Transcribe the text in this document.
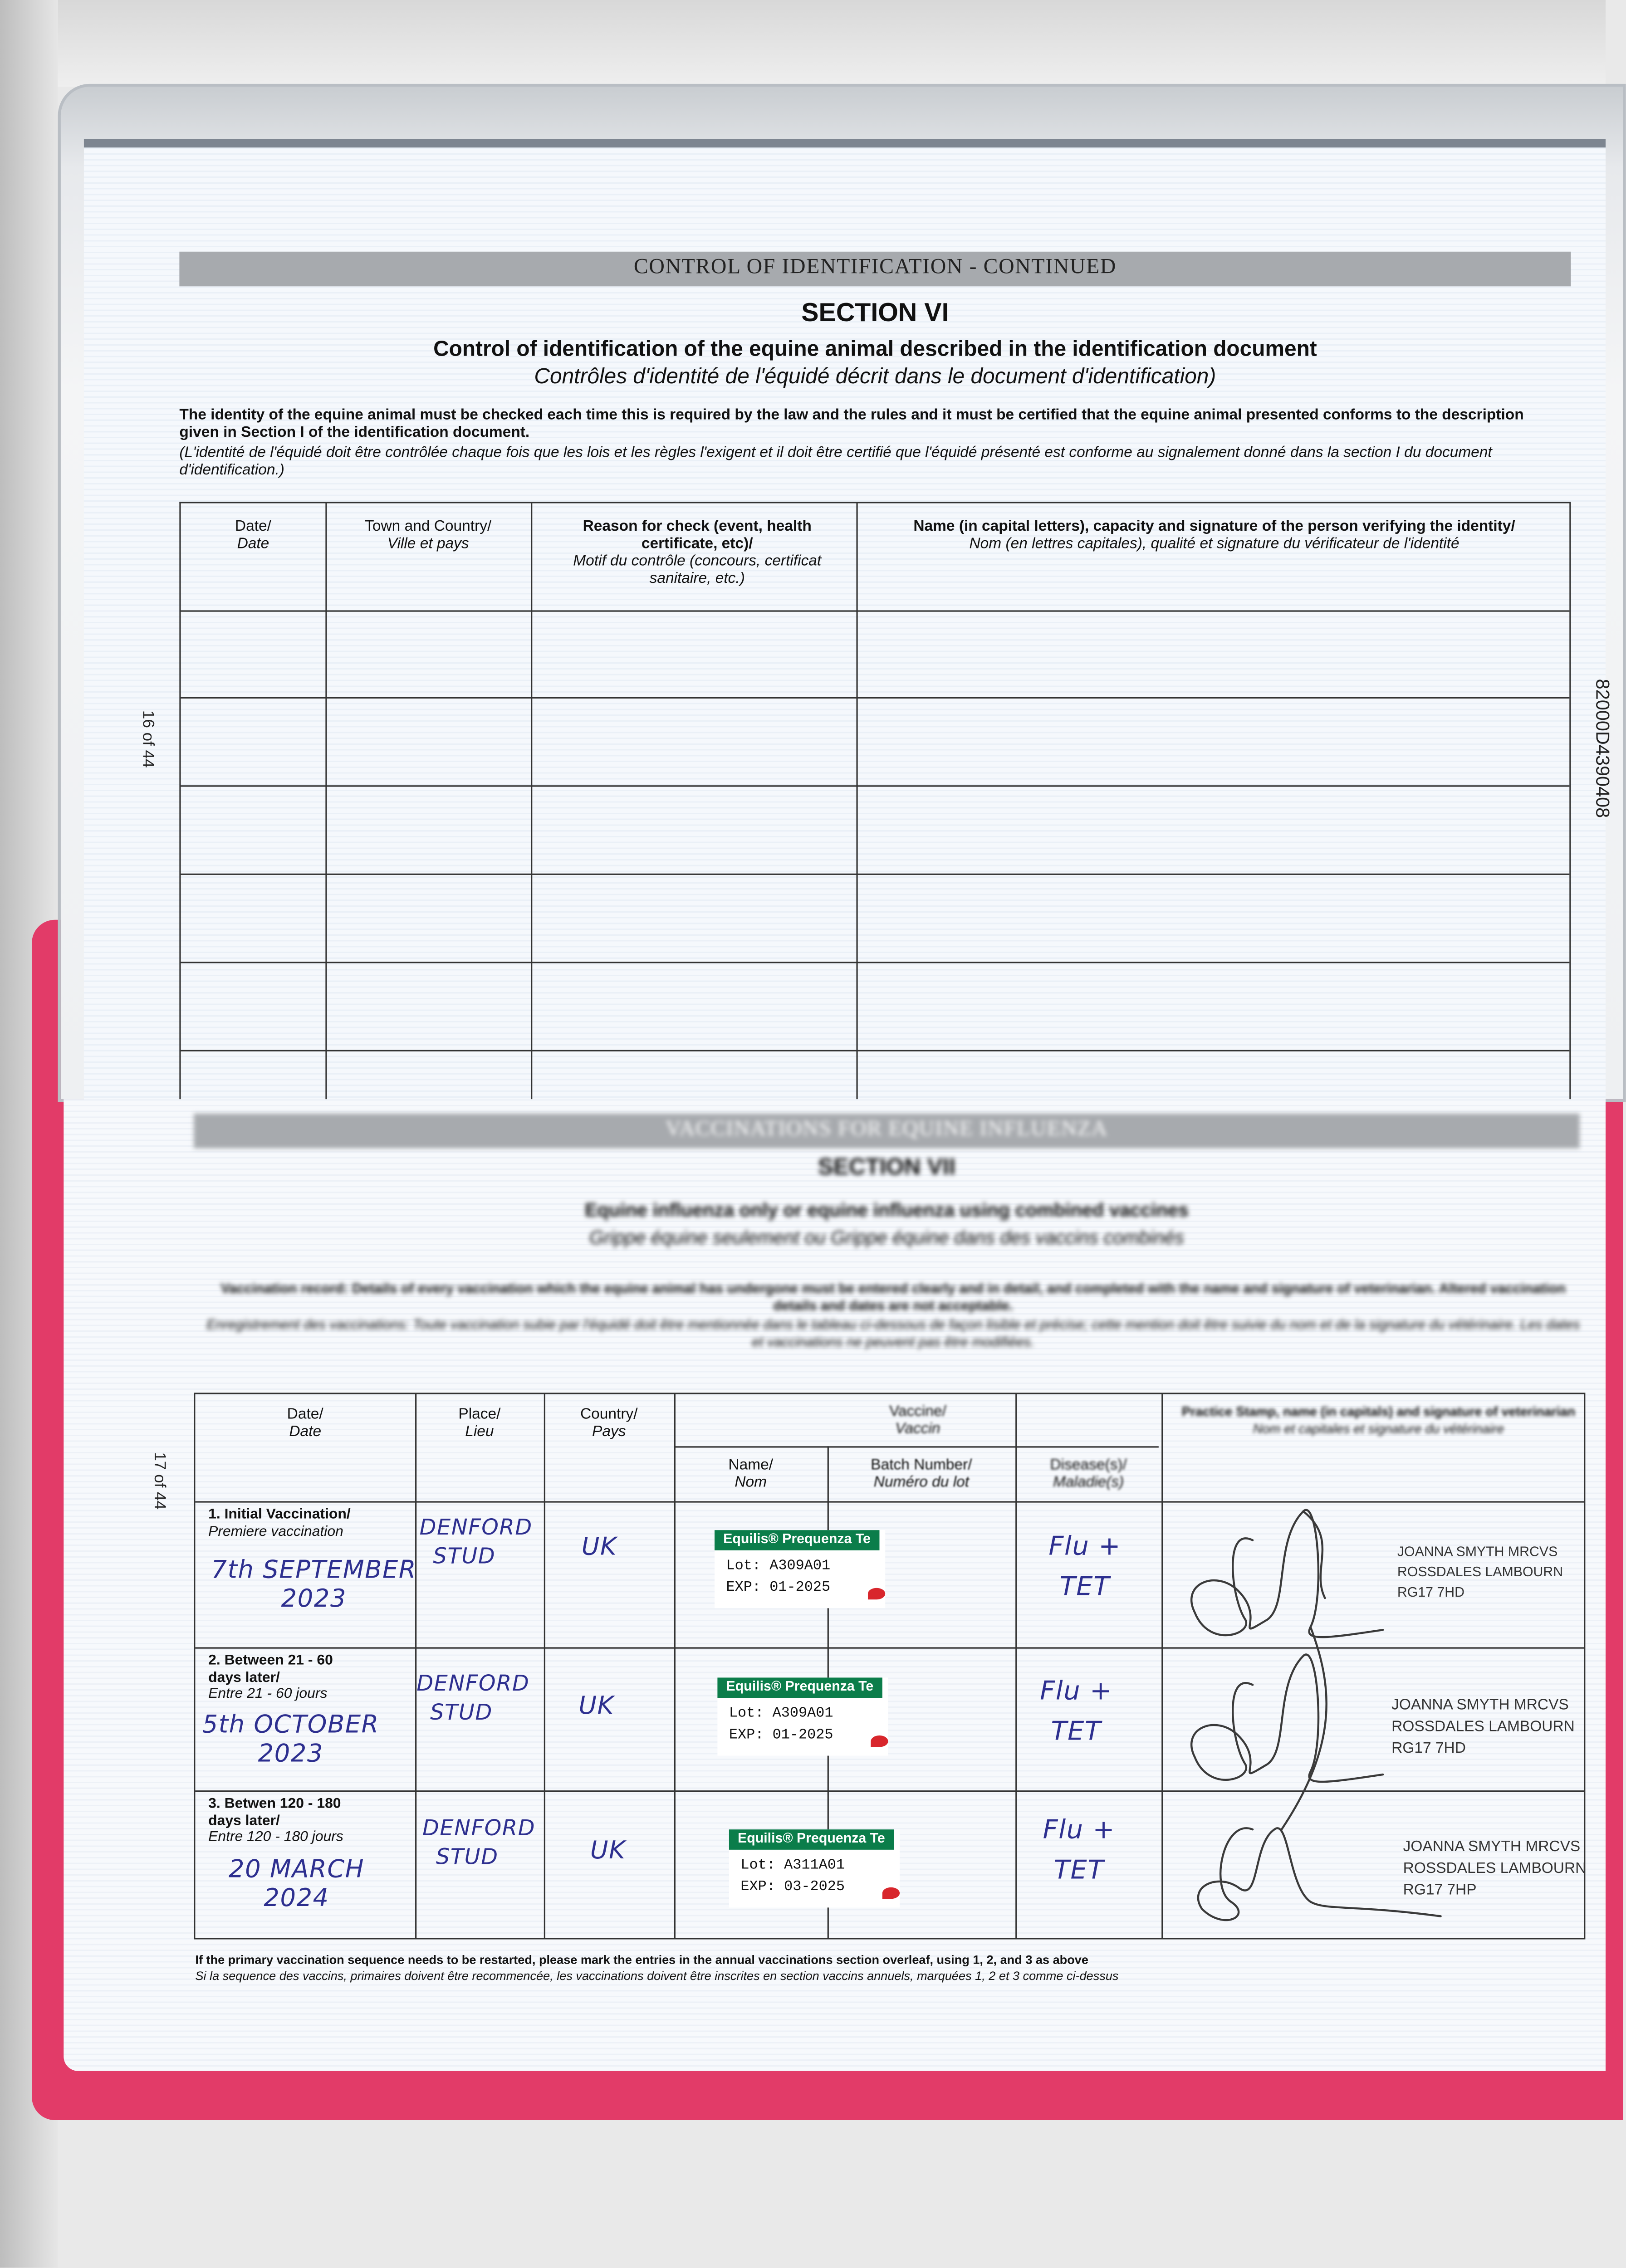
CONTROL OF IDENTIFICATION - CONTINUED
SECTION VI
Control of identification of the equine animal described in the identification document
Contrôles d'identité de l'équidé décrit dans le document d'identification)
The identity of the equine animal must be checked each time this is required by the law and the rules and it must be certified that the equine animal presented conforms to the description given in Section I of the identification document.
(L'identité de l'équidé doit être contrôlée chaque fois que les lois et les règles l'exigent et il doit être certifié que l'équidé présenté est conforme au signalement donné dans la section I du document d'identification.)
Date/
Date
Town and Country/
Ville et pays
Reason for check (event, health certificate, etc)/
Motif du contrôle (concours, certificat sanitaire, etc.)
Name (in capital letters), capacity and signature of the person verifying the identity/
Nom (en lettres capitales), qualité et signature du vérificateur de l'identité
16 of 44	82000D4390408
VACCINATIONS FOR EQUINE INFLUENZA
SECTION VII
Equine influenza only or equine influenza using combined vaccines
Grippe équine seulement ou Grippe équine dans des vaccins combinés
Vaccination record: Details of every vaccination which the equine animal has undergone must be entered clearly and in detail, and completed with the name and signature of veterinarian. Altered vaccination details and dates are not acceptable.
Enregistrement des vaccinations: Toute vaccination subie par l'équidé doit être mentionnée dans le tableau ci-dessous de façon lisible et précise; cette mention doit être suivie du nom et de la signature du vétérinaire. Les dates et vaccinations ne peuvent pas être modifiées.
17 of 44
Date/
Date
Place/
Lieu
Country/
Pays
Vaccine/
Vaccin
Name/
Nom
Batch Number/
Numéro du lot
Disease(s)/
Maladie(s)
Practice Stamp, name (in capitals) and signature of veterinarian
Nom et capitales et signature du vétérinaire
1. Initial Vaccination/
Premiere vaccination
2. Between 21 - 60 days later/
Entre 21 - 60 jours
3. Betwen 120 - 180 days later/
Entre 120 - 180 jours
7th SEPTEMBER 2023
5th OCTOBER 2023
20 MARCH 2024
DENFORD STUD
DENFORD STUD
DENFORD STUD
UK
UK
UK
Equilis® Prequenza Te
Lot: A309A01
EXP: 01-2025
Equilis® Prequenza Te
Lot: A309A01
EXP: 01-2025
Equilis® Prequenza Te
Lot: A311A01
EXP: 03-2025
Flu + TET
Flu + TET
Flu + TET
JOANNA SMYTH MRCVS
ROSSDALES LAMBOURN
RG17 7HD
JOANNA SMYTH MRCVS
ROSSDALES LAMBOURN
RG17 7HD
JOANNA SMYTH MRCVS
ROSSDALES LAMBOURN
RG17 7HP
If the primary vaccination sequence needs to be restarted, please mark the entries in the annual vaccinations section overleaf, using 1, 2, and 3 as above
Si la sequence des vaccins, primaires doivent être recommencée, les vaccinations doivent être inscrites en section vaccins annuels, marquées 1, 2 et 3 comme ci-dessus
